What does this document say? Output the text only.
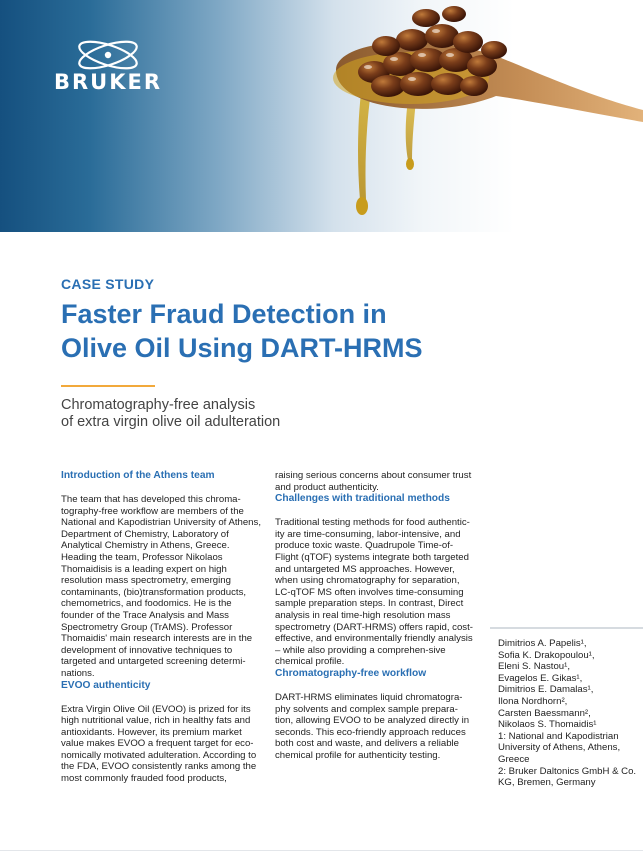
BRUKER
CASE STUDY
Faster Fraud Detection in
Olive Oil Using DART-HRMS
Chromatography-free analysis
of extra virgin olive oil adulteration
Introduction of the Athens team

The team that has developed this chroma-tography-free workflow are members of the National and Kapodistrian University of Athens, Department of Chemistry, Laboratory of Analytical Chemistry in Athens, Greece. Heading the team, Professor Nikolaos Thomaidisis is a leading expert on high resolution mass spectrometry, emerging contaminants, (bio)transformation products, chemometrics, and foodomics. He is the founder of the Trace Analysis and Mass Spectrometry Group (TrAMS). Professor Thomaidis' main research interests are in the development of innovative techniques to targeted and untargeted screening determi-nations.

EVOO authenticity

Extra Virgin Olive Oil (EVOO) is prized for its high nutritional value, rich in healthy fats and antioxidants. However, its premium market value makes EVOO a frequent target for eco-nomically motivated adulteration. According to the FDA, EVOO consistently ranks among the most commonly frauded food products,

raising serious concerns about consumer trust and product authenticity.

Challenges with traditional methods

Traditional testing methods for food authentic-ity are time-consuming, labor-intensive, and produce toxic waste. Quadrupole Time-of-Flight (qTOF) systems integrate both targeted and untargeted MS approaches. However, when using chromatography for separation, LC-qTOF MS often involves time-consuming sample preparation steps. In contrast, Direct analysis in real time-high resolution mass spectrometry (DART-HRMS) offers rapid, cost-effective, and environmentally friendly analysis – while also providing a comprehen-sive chemical profile.

Chromatography-free workflow

DART-HRMS eliminates liquid chromatogra-phy solvents and complex sample prepara-tion, allowing EVOO to be analyzed directly in seconds. This eco-friendly approach reduces both cost and waste, and delivers a reliable chemical profile for authenticity testing.

Dimitrios A. Papelis¹,
Sofia K. Drakopoulou¹,
Eleni S. Nastou¹,
Evagelos E. Gikas¹,
Dimitrios E. Damalas¹,
Ilona Nordhorn²,
Carsten Baessmann²,
Nikolaos S. Thomaidis¹
1: National and Kapodistrian University of Athens, Athens, Greece
2: Bruker Daltonics GmbH & Co. KG, Bremen, Germany
